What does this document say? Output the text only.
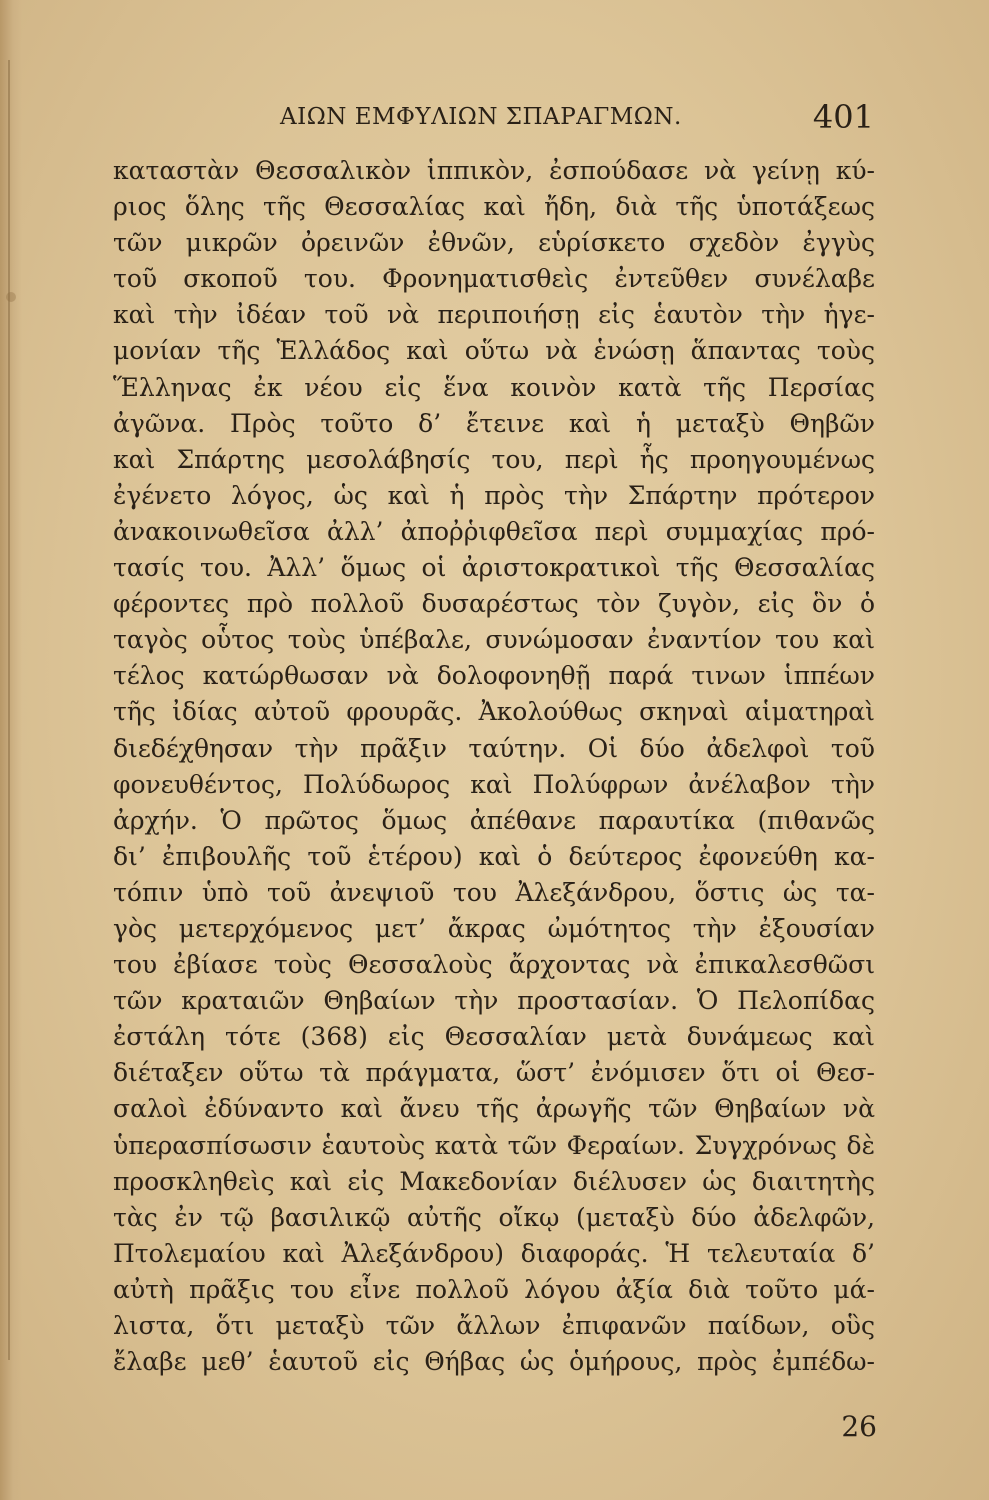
ΑΙΩΝ ΕΜΦΥΛΙΩΝ ΣΠΑΡΑΓΜΩΝ.	401
καταστὰν Θεσσαλικὸν ἱππικὸν, ἐσπούδασε νὰ γείνῃ κύ-
ριος ὅλης τῆς Θεσσαλίας καὶ ἤδη, διὰ τῆς ὑποτάξεως
τῶν μικρῶν ὀρεινῶν ἐθνῶν, εὑρίσκετο σχεδὸν ἐγγὺς
τοῦ σκοποῦ του. Φρονηματισθεὶς ἐντεῦθεν συνέλαβε
καὶ τὴν ἰδέαν τοῦ νὰ περιποιήσῃ εἰς ἑαυτὸν τὴν ἡγε-
μονίαν τῆς Ἑλλάδος καὶ οὕτω νὰ ἑνώσῃ ἅπαντας τοὺς
Ἕλληνας ἐκ νέου εἰς ἕνα κοινὸν κατὰ τῆς Περσίας
ἀγῶνα. Πρὸς τοῦτο δ’ ἔτεινε καὶ ἡ μεταξὺ Θηβῶν
καὶ Σπάρτης μεσολάβησίς του, περὶ ἧς προηγουμένως
ἐγένετο λόγος, ὡς καὶ ἡ πρὸς τὴν Σπάρτην πρότερον
ἀνακοινωθεῖσα ἀλλ’ ἀποῤῥιφθεῖσα περὶ συμμαχίας πρό-
τασίς του. Ἀλλ’ ὅμως οἱ ἀριστοκρατικοὶ τῆς Θεσσαλίας
φέροντες πρὸ πολλοῦ δυσαρέστως τὸν ζυγὸν, εἰς ὃν ὁ
ταγὸς οὗτος τοὺς ὑπέβαλε, συνώμοσαν ἐναντίον του καὶ
τέλος κατώρθωσαν νὰ δολοφονηθῇ παρά τινων ἱππέων
τῆς ἰδίας αὐτοῦ φρουρᾶς. Ἀκολούθως σκηναὶ αἱματηραὶ
διεδέχθησαν τὴν πρᾶξιν ταύτην. Οἱ δύο ἀδελφοὶ τοῦ
φονευθέντος, Πολύδωρος καὶ Πολύφρων ἀνέλαβον τὴν
ἀρχήν. Ὁ πρῶτος ὅμως ἀπέθανε παραυτίκα (πιθανῶς
δι’ ἐπιβουλῆς τοῦ ἑτέρου) καὶ ὁ δεύτερος ἐφονεύθη κα-
τόπιν ὑπὸ τοῦ ἀνεψιοῦ του Ἀλεξάνδρου, ὅστις ὡς τα-
γὸς μετερχόμενος μετ’ ἄκρας ὠμότητος τὴν ἐξουσίαν
του ἐβίασε τοὺς Θεσσαλοὺς ἄρχοντας νὰ ἐπικαλεσθῶσι
τῶν κραταιῶν Θηβαίων τὴν προστασίαν. Ὁ Πελοπίδας
ἐστάλη τότε (368) εἰς Θεσσαλίαν μετὰ δυνάμεως καὶ
διέταξεν οὕτω τὰ πράγματα, ὥστ’ ἐνόμισεν ὅτι οἱ Θεσ-
σαλοὶ ἐδύναντο καὶ ἄνευ τῆς ἀρωγῆς τῶν Θηβαίων νὰ
ὑπερασπίσωσιν ἑαυτοὺς κατὰ τῶν Φεραίων. Συγχρόνως δὲ
προσκληθεὶς καὶ εἰς Μακεδονίαν διέλυσεν ὡς διαιτητὴς
τὰς ἐν τῷ βασιλικῷ αὐτῆς οἴκῳ (μεταξὺ δύο ἀδελφῶν,
Πτολεμαίου καὶ Ἀλεξάνδρου) διαφοράς. Ἡ τελευταία δ’
αὐτὴ πρᾶξις του εἶνε πολλοῦ λόγου ἀξία διὰ τοῦτο μά-
λιστα, ὅτι μεταξὺ τῶν ἄλλων ἐπιφανῶν παίδων, οὓς
ἔλαβε μεθ’ ἑαυτοῦ εἰς Θήβας ὡς ὁμήρους, πρὸς ἐμπέδω-
26
